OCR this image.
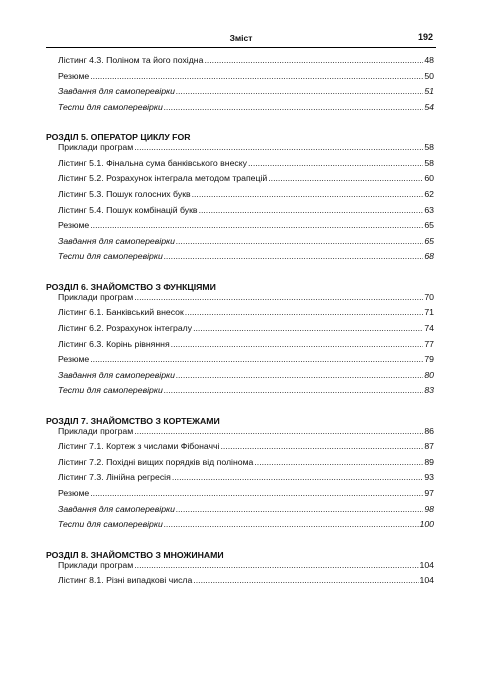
Зміст	192
Лістинг 4.3. Поліном та його похідна .....	48
Резюме .....	50
Завдання для самоперевірки .....	51
Тести для самоперевірки .....	54
РОЗДІЛ 5. ОПЕРАТОР ЦИКЛУ FOR
Приклади програм .....	58
Лістинг 5.1. Фінальна сума банківського внеску .....	58
Лістинг 5.2. Розрахунок інтеграла методом трапецій .....	60
Лістинг 5.3. Пошук голосних букв .....	62
Лістинг 5.4. Пошук комбінацій букв .....	63
Резюме .....	65
Завдання для самоперевірки .....	65
Тести для самоперевірки .....	68
РОЗДІЛ 6. ЗНАЙОМСТВО З ФУНКЦІЯМИ
Приклади програм .....	70
Лістинг 6.1. Банківський внесок .....	71
Лістинг 6.2. Розрахунок інтегралу .....	74
Лістинг 6.3. Корінь рівняння .....	77
Резюме .....	79
Завдання для самоперевірки .....	80
Тести для самоперевірки .....	83
РОЗДІЛ 7. ЗНАЙОМСТВО З КОРТЕЖАМИ
Приклади програм .....	86
Лістинг 7.1. Кортеж з числами Фібоначчі .....	87
Лістинг 7.2. Похідні вищих порядків від полінома .....	89
Лістинг 7.3. Лінійна регресія .....	93
Резюме .....	97
Завдання для самоперевірки .....	98
Тести для самоперевірки .....	100
РОЗДІЛ 8. ЗНАЙОМСТВО З МНОЖИНАМИ
Приклади програм .....	104
Лістинг 8.1. Різні випадкові числа .....	104
